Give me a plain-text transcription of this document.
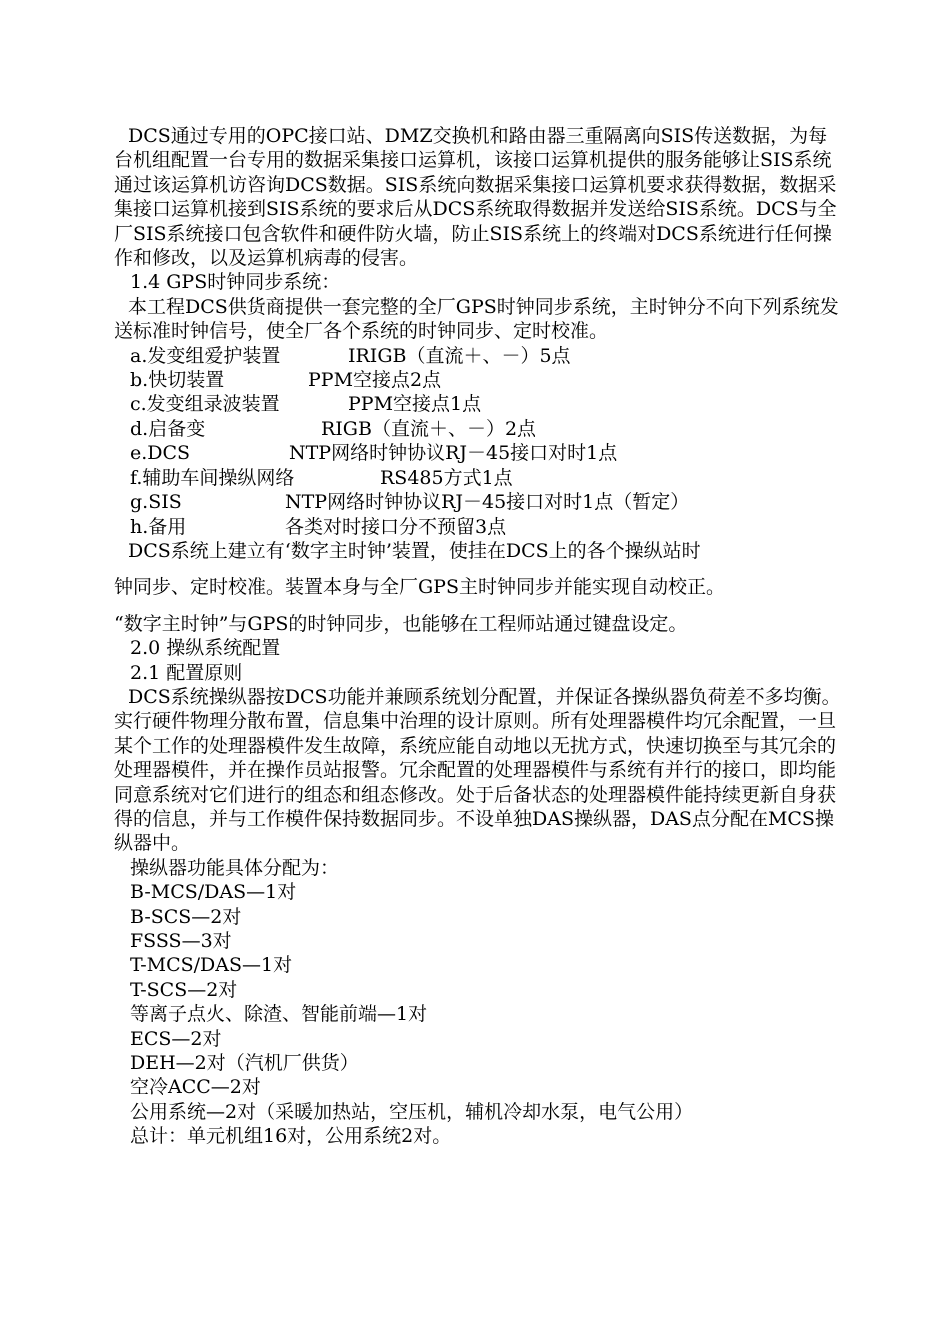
DCS通过专用的OPC接口站、DMZ交换机和路由器三重隔离向SIS传送数据，为每台机组配置一台专用的数据采集接口运算机，该接口运算机提供的服务能够让SIS系统通过该运算机访咨询DCS数据。SIS系统向数据采集接口运算机要求获得数据，数据采集接口运算机接到SIS系统的要求后从DCS系统取得数据并发送给SIS系统。DCS与全厂SIS系统接口包含软件和硬件防火墙，防止SIS系统上的终端对DCS系统进行任何操作和修改，以及运算机病毒的侵害。

1.4 GPS时钟同步系统：

本工程DCS供货商提供一套完整的全厂GPS时钟同步系统，主时钟分不向下列系统发送标准时钟信号，使全厂各个系统的时钟同步、定时校准。

a.发变组爱护装置	IRIGB（直流＋、－）5点
b.快切装置	PPM空接点2点
c.发变组录波装置	PPM空接点1点
d.启备变	RIGB（直流＋、－）2点
e.DCS	NTP网络时钟协议RJ－45接口对时1点
f.辅助车间操纵网络	RS485方式1点
g.SIS	NTP网络时钟协议RJ－45接口对时1点（暂定）
h.备用	各类对时接口分不预留3点

DCS系统上建立有‘数字主时钟’装置，使挂在DCS上的各个操纵站时

钟同步、定时校准。装置本身与全厂GPS主时钟同步并能实现自动校正。

“数字主时钟”与GPS的时钟同步，也能够在工程师站通过键盘设定。

2.0 操纵系统配置

2.1 配置原则

DCS系统操纵器按DCS功能并兼顾系统划分配置，并保证各操纵器负荷差不多均衡。实行硬件物理分散布置，信息集中治理的设计原则。所有处理器模件均冗余配置，一旦某个工作的处理器模件发生故障，系统应能自动地以无扰方式，快速切换至与其冗余的处理器模件，并在操作员站报警。冗余配置的处理器模件与系统有并行的接口，即均能同意系统对它们进行的组态和组态修改。处于后备状态的处理器模件能持续更新自身获得的信息，并与工作模件保持数据同步。不设单独DAS操纵器，DAS点分配在MCS操纵器中。

操纵器功能具体分配为：

B-MCS/DAS—1对

B-SCS—2对

FSSS—3对

T-MCS/DAS—1对

T-SCS—2对

等离子点火、除渣、智能前端—1对

ECS—2对

DEH—2对（汽机厂供货）

空冷ACC—2对

公用系统—2对（采暖加热站，空压机，辅机冷却水泵，电气公用）

总计：单元机组16对，公用系统2对。
